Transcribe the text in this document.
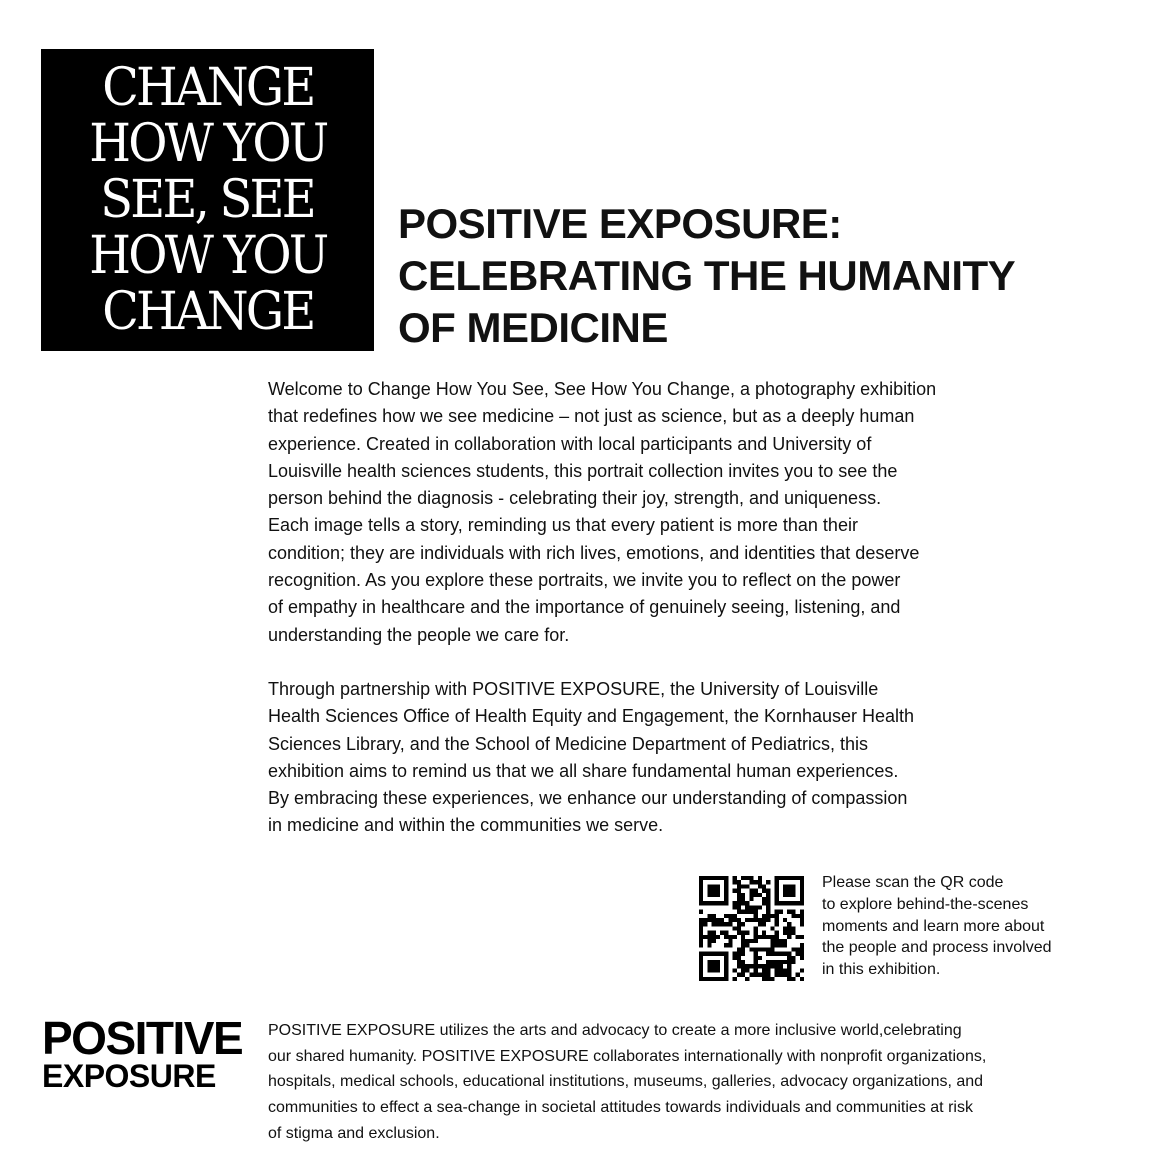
CHANGE
HOW YOU
SEE, SEE
HOW YOU
CHANGE
POSITIVE EXPOSURE:
CELEBRATING THE HUMANITY
OF MEDICINE

Welcome to Change How You See, See How You Change, a photography exhibition
that redefines how we see medicine – not just as science, but as a deeply human
experience. Created in collaboration with local participants and University of
Louisville health sciences students, this portrait collection invites you to see the
person behind the diagnosis - celebrating their joy, strength, and uniqueness.
Each image tells a story, reminding us that every patient is more than their
condition; they are individuals with rich lives, emotions, and identities that deserve
recognition. As you explore these portraits, we invite you to reflect on the power
of empathy in healthcare and the importance of genuinely seeing, listening, and
understanding the people we care for.

Through partnership with POSITIVE EXPOSURE, the University of Louisville
Health Sciences Office of Health Equity and Engagement, the Kornhauser Health
Sciences Library, and the School of Medicine Department of Pediatrics, this
exhibition aims to remind us that we all share fundamental human experiences.
By embracing these experiences, we enhance our understanding of compassion
in medicine and within the communities we serve.

Please scan the QR code
to explore behind-the-scenes
moments and learn more about
the people and process involved
in this exhibition.
POSITIVE
EXPOSURE
POSITIVE EXPOSURE utilizes the arts and advocacy to create a more inclusive world,celebrating
our shared humanity. POSITIVE EXPOSURE collaborates internationally with nonprofit organizations,
hospitals, medical schools, educational institutions, museums, galleries, advocacy organizations, and
communities to effect a sea-change in societal attitudes towards individuals and communities at risk
of stigma and exclusion.
